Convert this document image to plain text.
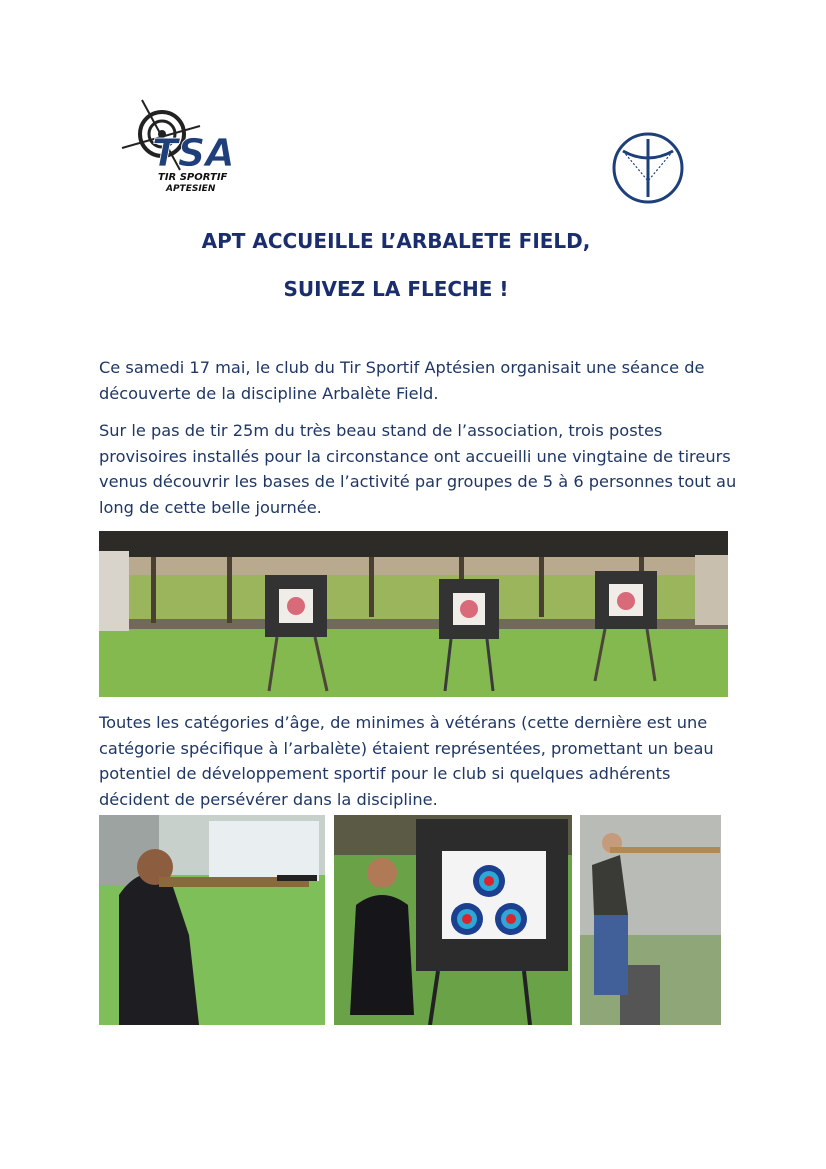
TSA
TIR SPORTIF
APTESIEN
APT ACCUEILLE L’ARBALETE FIELD,
SUIVEZ LA FLECHE !

Ce samedi 17 mai, le club du Tir Sportif Aptésien organisait une séance de découverte de la discipline Arbalète Field.

Sur le pas de tir 25m du très beau stand de l’association, trois postes provisoires installés pour la circonstance ont accueilli une vingtaine de tireurs venus découvrir les bases de l’activité par groupes de 5 à 6 personnes tout au long de cette belle journée.

Toutes les catégories d’âge, de minimes à vétérans (cette dernière est une catégorie spécifique à l’arbalète) étaient représentées, promettant un beau potentiel de développement sportif pour le club si quelques adhérents décident de persévérer dans la discipline.
